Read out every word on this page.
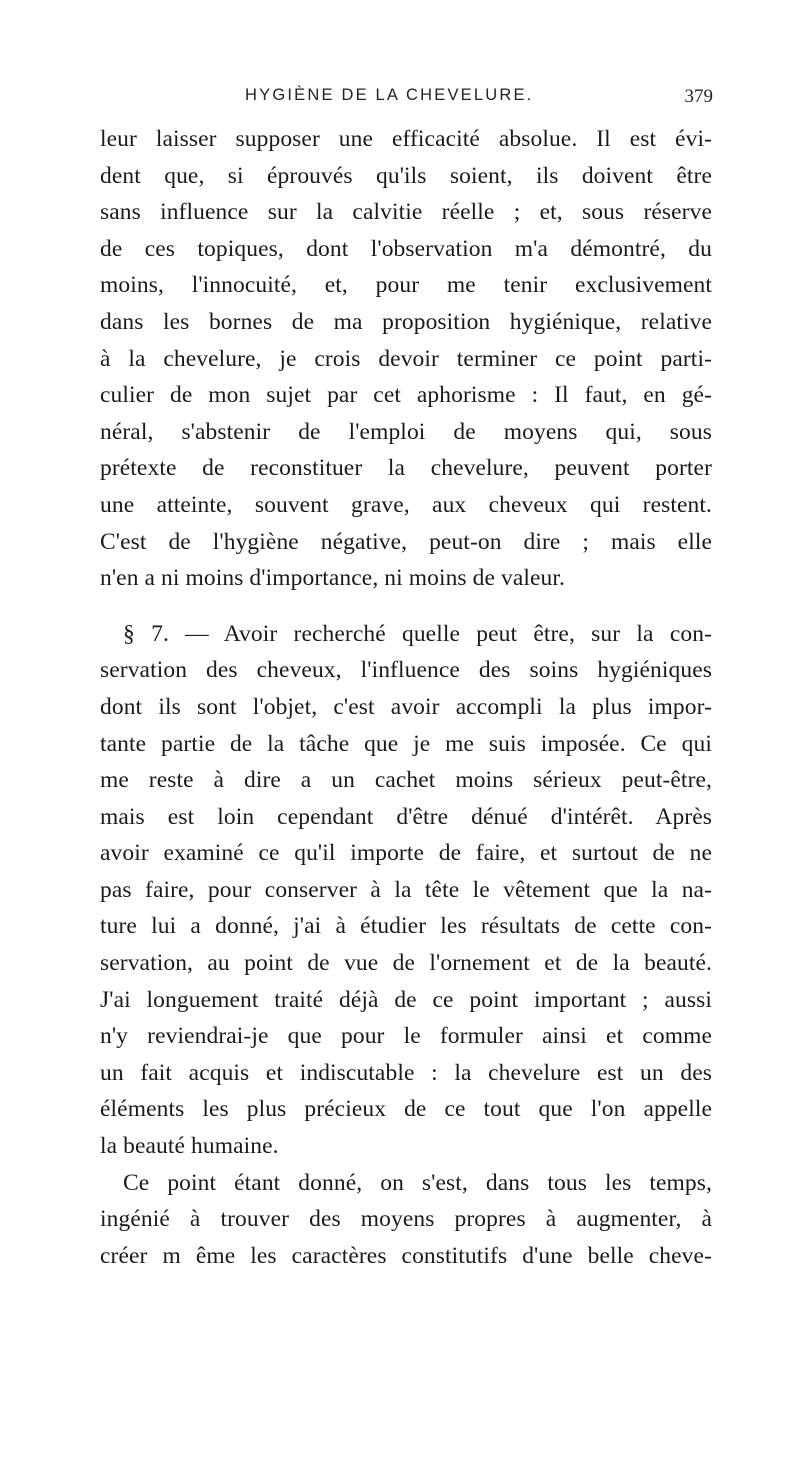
HYGIÈNE DE LA CHEVELURE.	379
leur laisser supposer une efficacité absolue. Il est évi-
dent que, si éprouvés qu'ils soient, ils doivent être
sans influence sur la calvitie réelle ; et, sous réserve
de ces topiques, dont l'observation m'a démontré, du
moins, l'innocuité, et, pour me tenir exclusivement
dans les bornes de ma proposition hygiénique, relative
à la chevelure, je crois devoir terminer ce point parti-
culier de mon sujet par cet aphorisme : Il faut, en gé-
néral, s'abstenir de l'emploi de moyens qui, sous
prétexte de reconstituer la chevelure, peuvent porter
une atteinte, souvent grave, aux cheveux qui restent.
C'est de l'hygiène négative, peut-on dire ; mais elle
n'en a ni moins d'importance, ni moins de valeur.
§ 7. — Avoir recherché quelle peut être, sur la con-
servation des cheveux, l'influence des soins hygiéniques
dont ils sont l'objet, c'est avoir accompli la plus impor-
tante partie de la tâche que je me suis imposée. Ce qui
me reste à dire a un cachet moins sérieux peut-être,
mais est loin cependant d'être dénué d'intérêt. Après
avoir examiné ce qu'il importe de faire, et surtout de ne
pas faire, pour conserver à la tête le vêtement que la na-
ture lui a donné, j'ai à étudier les résultats de cette con-
servation, au point de vue de l'ornement et de la beauté.
J'ai longuement traité déjà de ce point important ; aussi
n'y reviendrai-je que pour le formuler ainsi et comme
un fait acquis et indiscutable : la chevelure est un des
éléments les plus précieux de ce tout que l'on appelle
la beauté humaine.
Ce point étant donné, on s'est, dans tous les temps,
ingénié à trouver des moyens propres à augmenter, à
créer m ême les caractères constitutifs d'une belle cheve-
